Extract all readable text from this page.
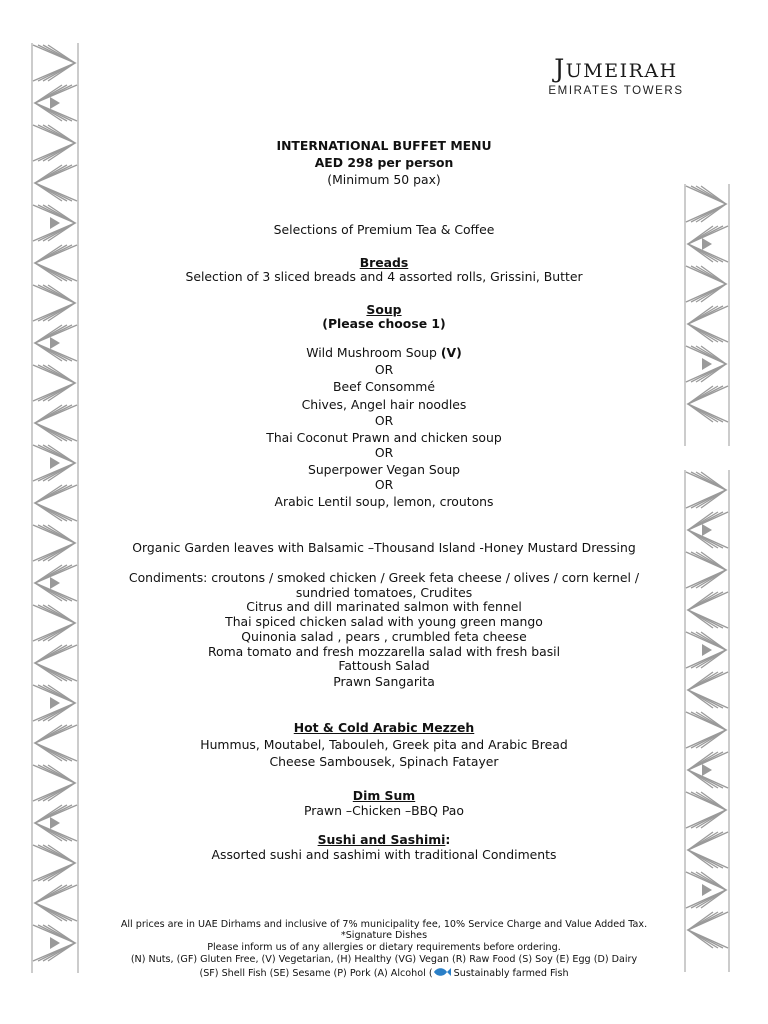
JUMEIRAH
EMIRATES TOWERS
INTERNATIONAL BUFFET MENU
AED 298 per person
(Minimum 50 pax)
Selections of Premium Tea & Coffee
Breads
Selection of 3 sliced breads and 4 assorted rolls, Grissini, Butter
Soup
(Please choose 1)
Wild Mushroom Soup (V)
OR
Beef Consommé
Chives, Angel hair noodles
OR
Thai Coconut Prawn and chicken soup
OR
Superpower Vegan Soup
OR
Arabic Lentil soup, lemon, croutons
Organic Garden leaves with Balsamic –Thousand Island -Honey Mustard Dressing
Condiments: croutons / smoked chicken / Greek feta cheese / olives / corn kernel /
sundried tomatoes, Crudites
Citrus and dill marinated salmon with fennel
Thai spiced chicken salad with young green mango
Quinonia salad , pears , crumbled feta cheese
Roma tomato and fresh mozzarella salad with fresh basil
Fattoush Salad
Prawn Sangarita
Hot & Cold Arabic Mezzeh
Hummus, Moutabel, Tabouleh, Greek pita and Arabic Bread
Cheese Sambousek, Spinach Fatayer
Dim Sum
Prawn –Chicken –BBQ Pao
Sushi and Sashimi:
Assorted sushi and sashimi with traditional Condiments
All prices are in UAE Dirhams and inclusive of 7% municipality fee, 10% Service Charge and Value Added Tax.
*Signature Dishes
Please inform us of any allergies or dietary requirements before ordering.
(N) Nuts, (GF) Gluten Free, (V) Vegetarian, (H) Healthy (VG) Vegan (R) Raw Food (S) Soy (E) Egg (D) Dairy
(SF) Shell Fish (SE) Sesame (P) Pork (A) Alcohol ( Sustainably farmed Fish
